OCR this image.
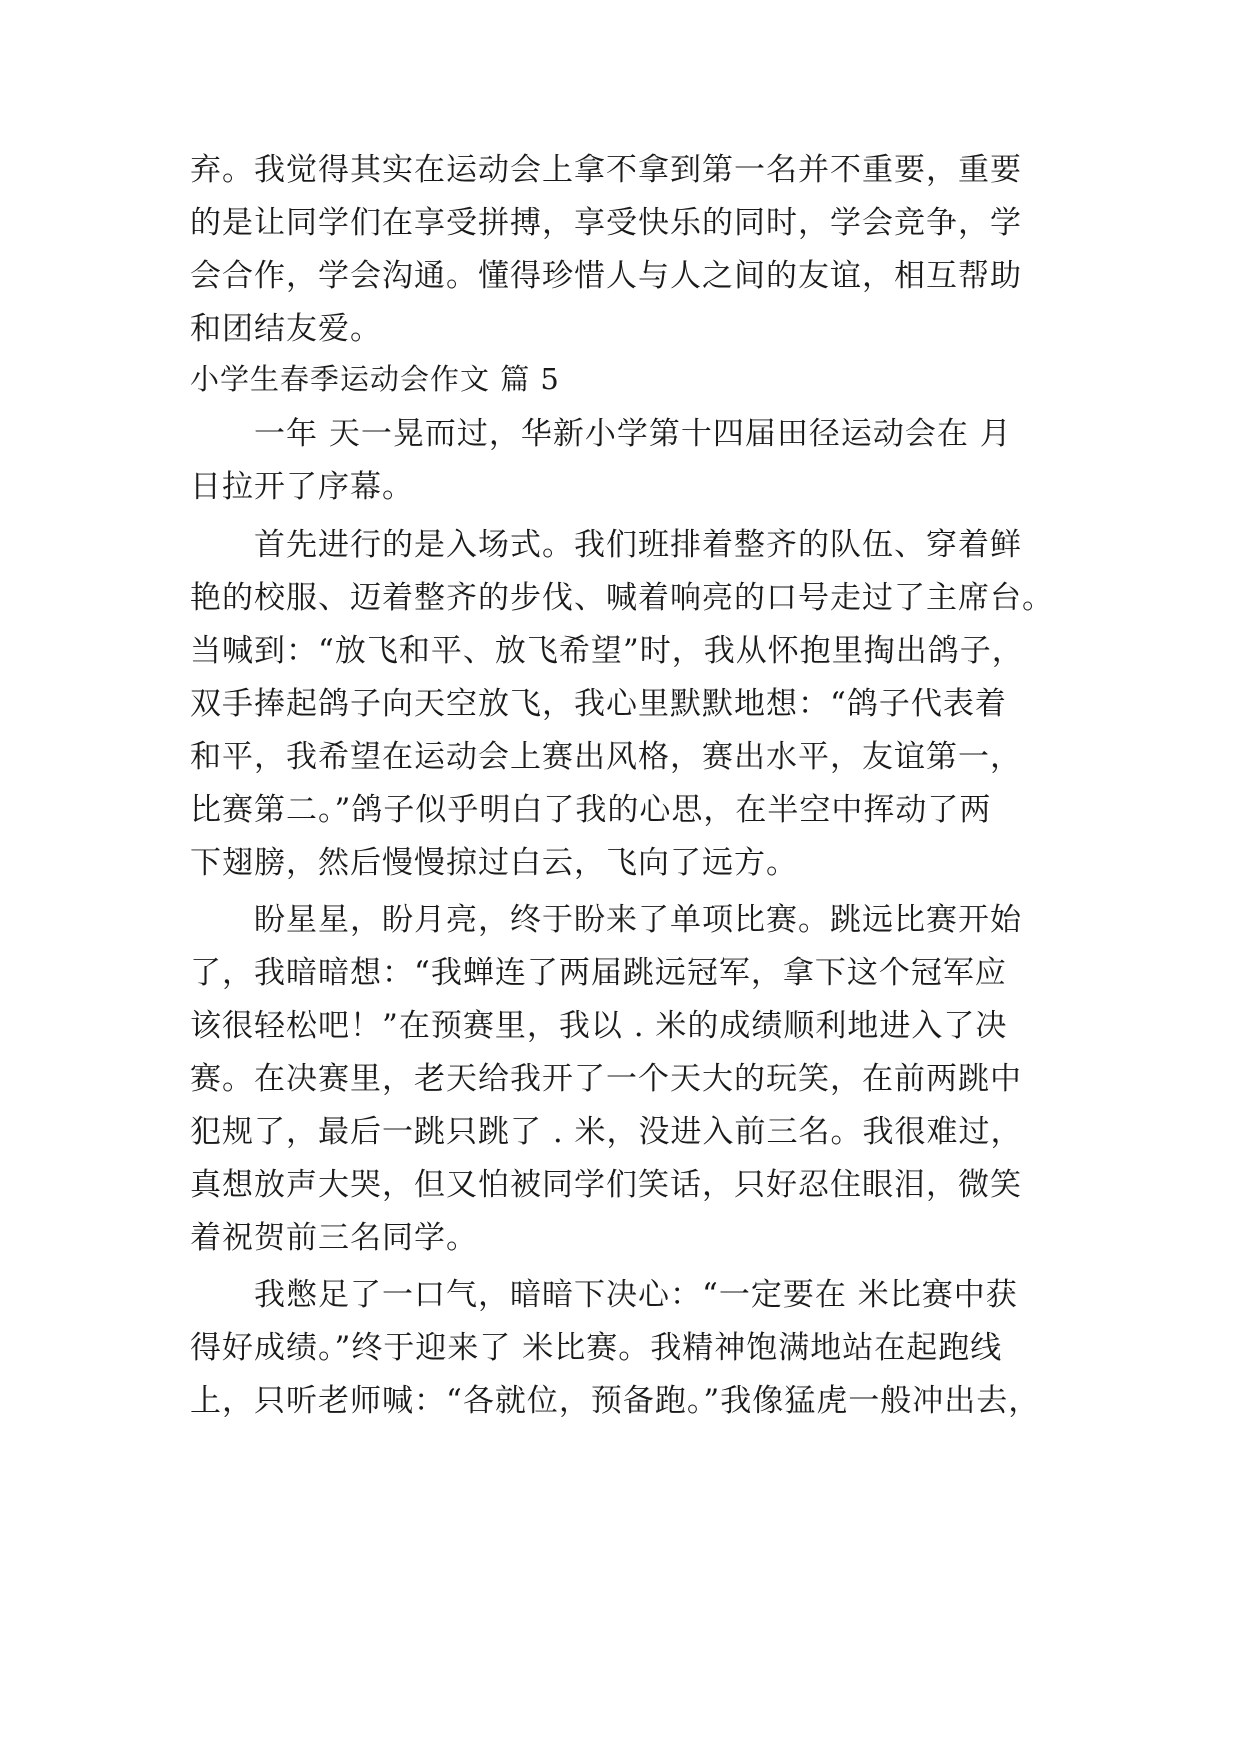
弃。我觉得其实在运动会上拿不拿到第一名并不重要，重要
的是让同学们在享受拼搏，享受快乐的同时，学会竞争，学
会合作，学会沟通。懂得珍惜人与人之间的友谊，相互帮助
和团结友爱。
小学生春季运动会作文 篇 5
一年 天一晃而过，华新小学第十四届田径运动会在 月
日拉开了序幕。
首先进行的是入场式。我们班排着整齐的队伍、穿着鲜
艳的校服、迈着整齐的步伐、喊着响亮的口号走过了主席台。
当喊到：“放飞和平、放飞希望”时，我从怀抱里掏出鸽子，
双手捧起鸽子向天空放飞，我心里默默地想：“鸽子代表着
和平，我希望在运动会上赛出风格，赛出水平，友谊第一，
比赛第二。”鸽子似乎明白了我的心思，在半空中挥动了两
下翅膀，然后慢慢掠过白云，飞向了远方。
盼星星，盼月亮，终于盼来了单项比赛。跳远比赛开始
了，我暗暗想：“我蝉连了两届跳远冠军，拿下这个冠军应
该很轻松吧！”在预赛里，我以 . 米的成绩顺利地进入了决
赛。在决赛里，老天给我开了一个天大的玩笑，在前两跳中
犯规了，最后一跳只跳了 . 米，没进入前三名。我很难过，
真想放声大哭，但又怕被同学们笑话，只好忍住眼泪，微笑
着祝贺前三名同学。
我憋足了一口气，暗暗下决心：“一定要在 米比赛中获
得好成绩。”终于迎来了 米比赛。我精神饱满地站在起跑线
上，只听老师喊：“各就位，预备跑。”我像猛虎一般冲出去，
